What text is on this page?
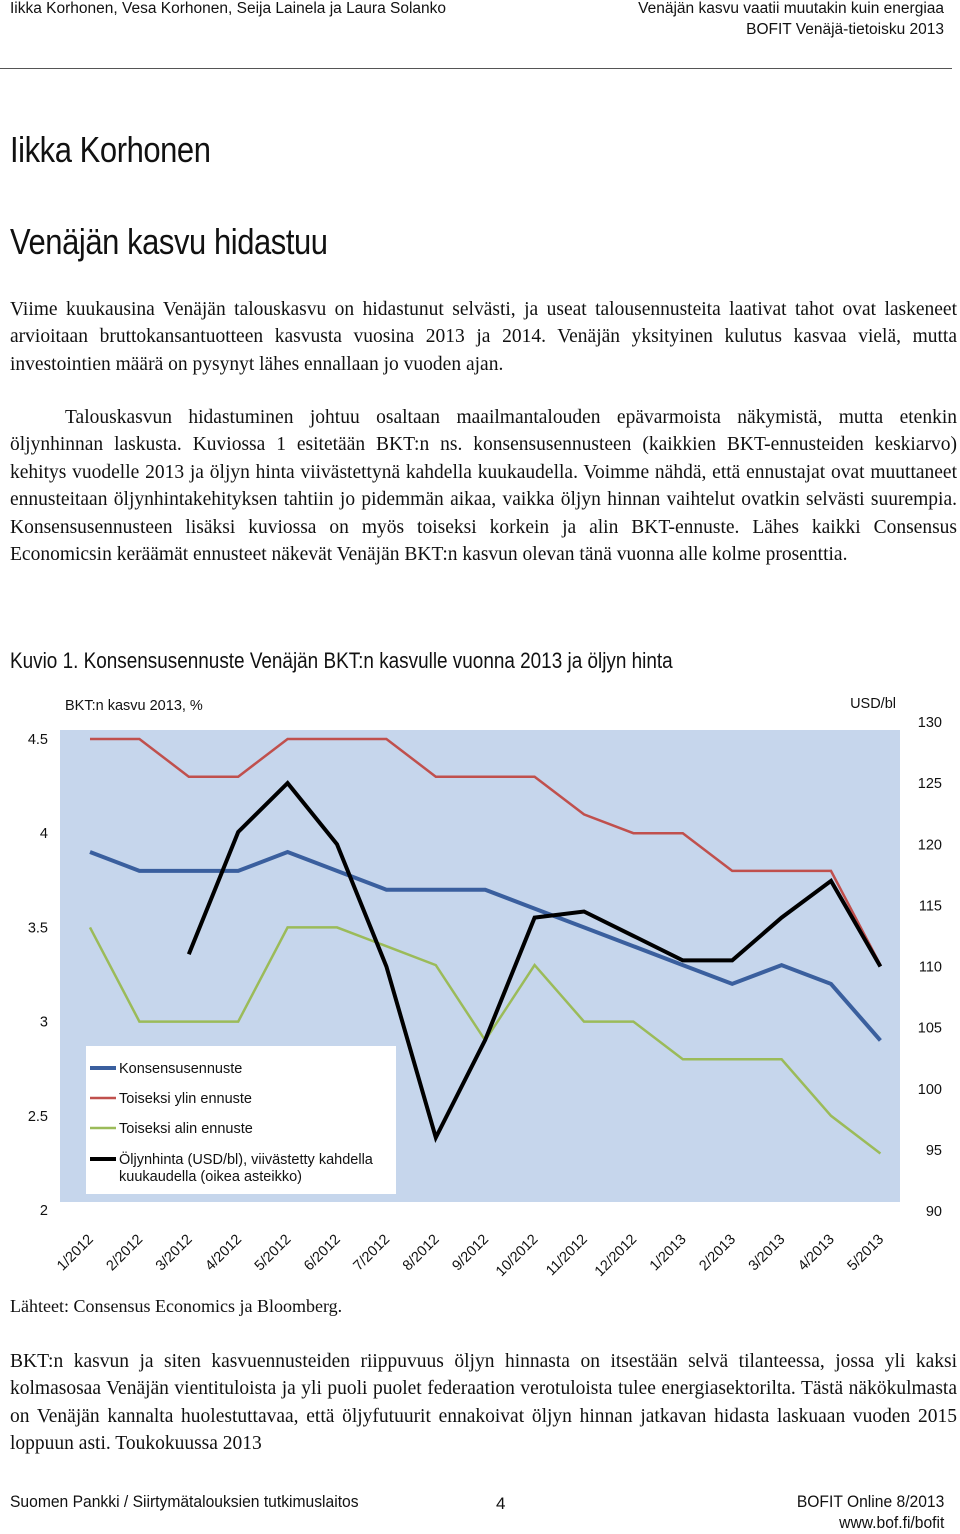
Iikka Korhonen, Vesa Korhonen, Seija Lainela ja Laura Solanko	Venäjän kasvu vaatii muutakin kuin energiaa
BOFIT Venäjä-tietoisku 2013
Iikka Korhonen
Venäjän kasvu hidastuu

Viime kuukausina Venäjän talouskasvu on hidastunut selvästi, ja useat talousennusteita laativat tahot ovat laskeneet arvioitaan bruttokansantuotteen kasvusta vuosina 2013 ja 2014. Venäjän yksityinen kulutus kasvaa vielä, mutta investointien määrä on pysynyt lähes ennallaan jo vuoden ajan.

Talouskasvun hidastuminen johtuu osaltaan maailmantalouden epävarmoista näkymistä, mutta etenkin öljynhinnan laskusta. Kuviossa 1 esitetään BKT:n ns. konsensusennusteen (kaikkien BKT-ennusteiden keskiarvo) kehitys vuodelle 2013 ja öljyn hinta viivästettynä kahdella kuukaudella. Voimme nähdä, että ennustajat ovat muuttaneet ennusteitaan öljynhintakehityksen tahtiin jo pidemmän aikaa, vaikka öljyn hinnan vaihtelut ovatkin selvästi suurempia. Konsensusennusteen lisäksi kuviossa on myös toiseksi korkein ja alin BKT-ennuste. Lähes kaikki Consensus Economicsin keräämät ennusteet näkevät Venäjän BKT:n kasvun olevan tänä vuonna alle kolme prosenttia.

Kuvio 1. Konsensusennuste Venäjän BKT:n kasvulle vuonna 2013 ja öljyn hinta
BKT:n kasvu 2013, %	USD/bl
2
2.5
3
3.5
4
4.5
90
95
100
105
110
115
120
125
130
1/2012 2/2012 3/2012 4/2012 5/2012 6/2012 7/2012 8/2012 9/2012 10/2012 11/2012 12/2012 1/2013 2/2013 3/2013 4/2013 5/2013
Konsensusennuste
Toiseksi ylin ennuste
Toiseksi alin ennuste
Öljynhinta (USD/bl), viivästetty kahdella
kuukaudella (oikea asteikko)
Lähteet: Consensus Economics ja Bloomberg.

BKT:n kasvun ja siten kasvuennusteiden riippuvuus öljyn hinnasta on itsestään selvä tilanteessa, jossa yli kaksi kolmasosaa Venäjän vientituloista ja yli puoli puolet federaation verotuloista tulee energiasektorilta. Tästä näkökulmasta on Venäjän kannalta huolestuttavaa, että öljyfutuurit ennakoivat öljyn hinnan jatkavan hidasta laskuaan vuoden 2015 loppuun asti. Toukokuussa 2013

Suomen Pankki / Siirtymätalouksien tutkimuslaitos	4	BOFIT Online 8/2013
www.bof.fi/bofit
